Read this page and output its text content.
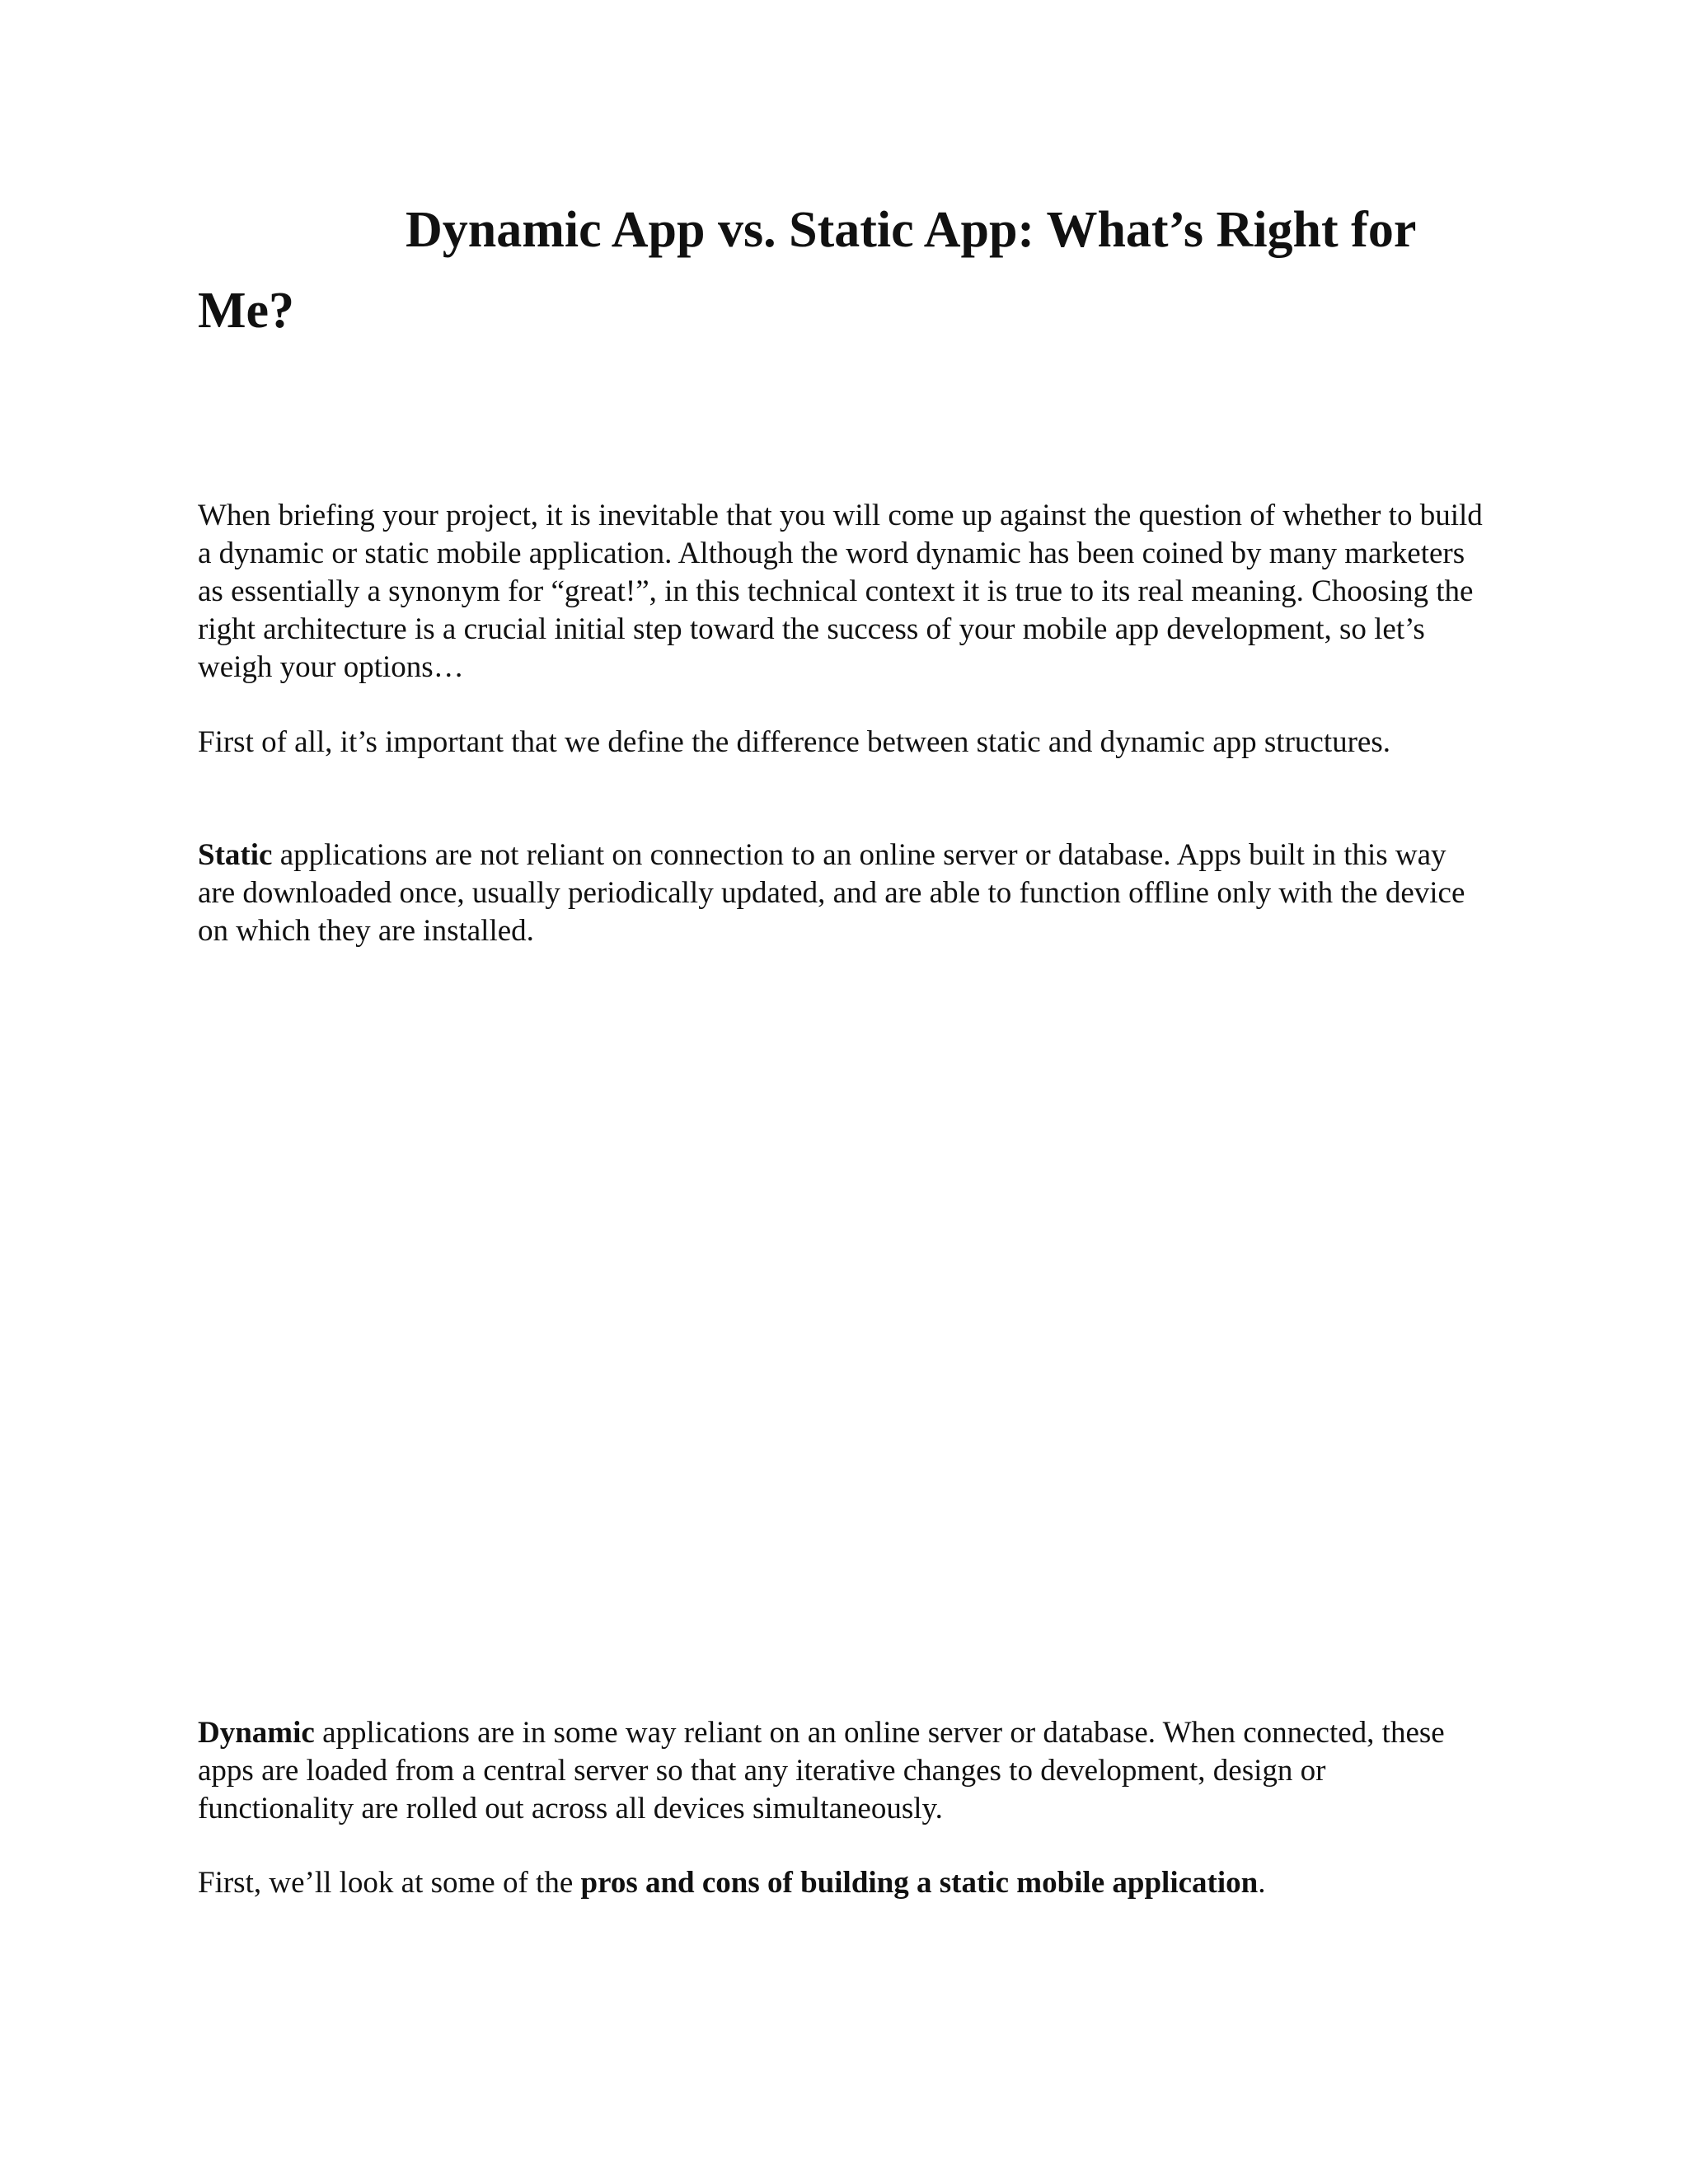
Dynamic App vs. Static App: What’s Right for Me?

When briefing your project, it is inevitable that you will come up against the question of whether to build a dynamic or static mobile application. Although the word dynamic has been coined by many marketers as essentially a synonym for “great!”, in this technical context it is true to its real meaning. Choosing the right architecture is a crucial initial step toward the success of your mobile app development, so let’s weigh your options…

First of all, it’s important that we define the difference between static and dynamic app structures.

Static applications are not reliant on connection to an online server or database. Apps built in this way are downloaded once, usually periodically updated, and are able to function offline only with the device on which they are installed.

Dynamic applications are in some way reliant on an online server or database. When connected, these apps are loaded from a central server so that any iterative changes to development, design or functionality are rolled out across all devices simultaneously.

First, we’ll look at some of the pros and cons of building a static mobile application.
